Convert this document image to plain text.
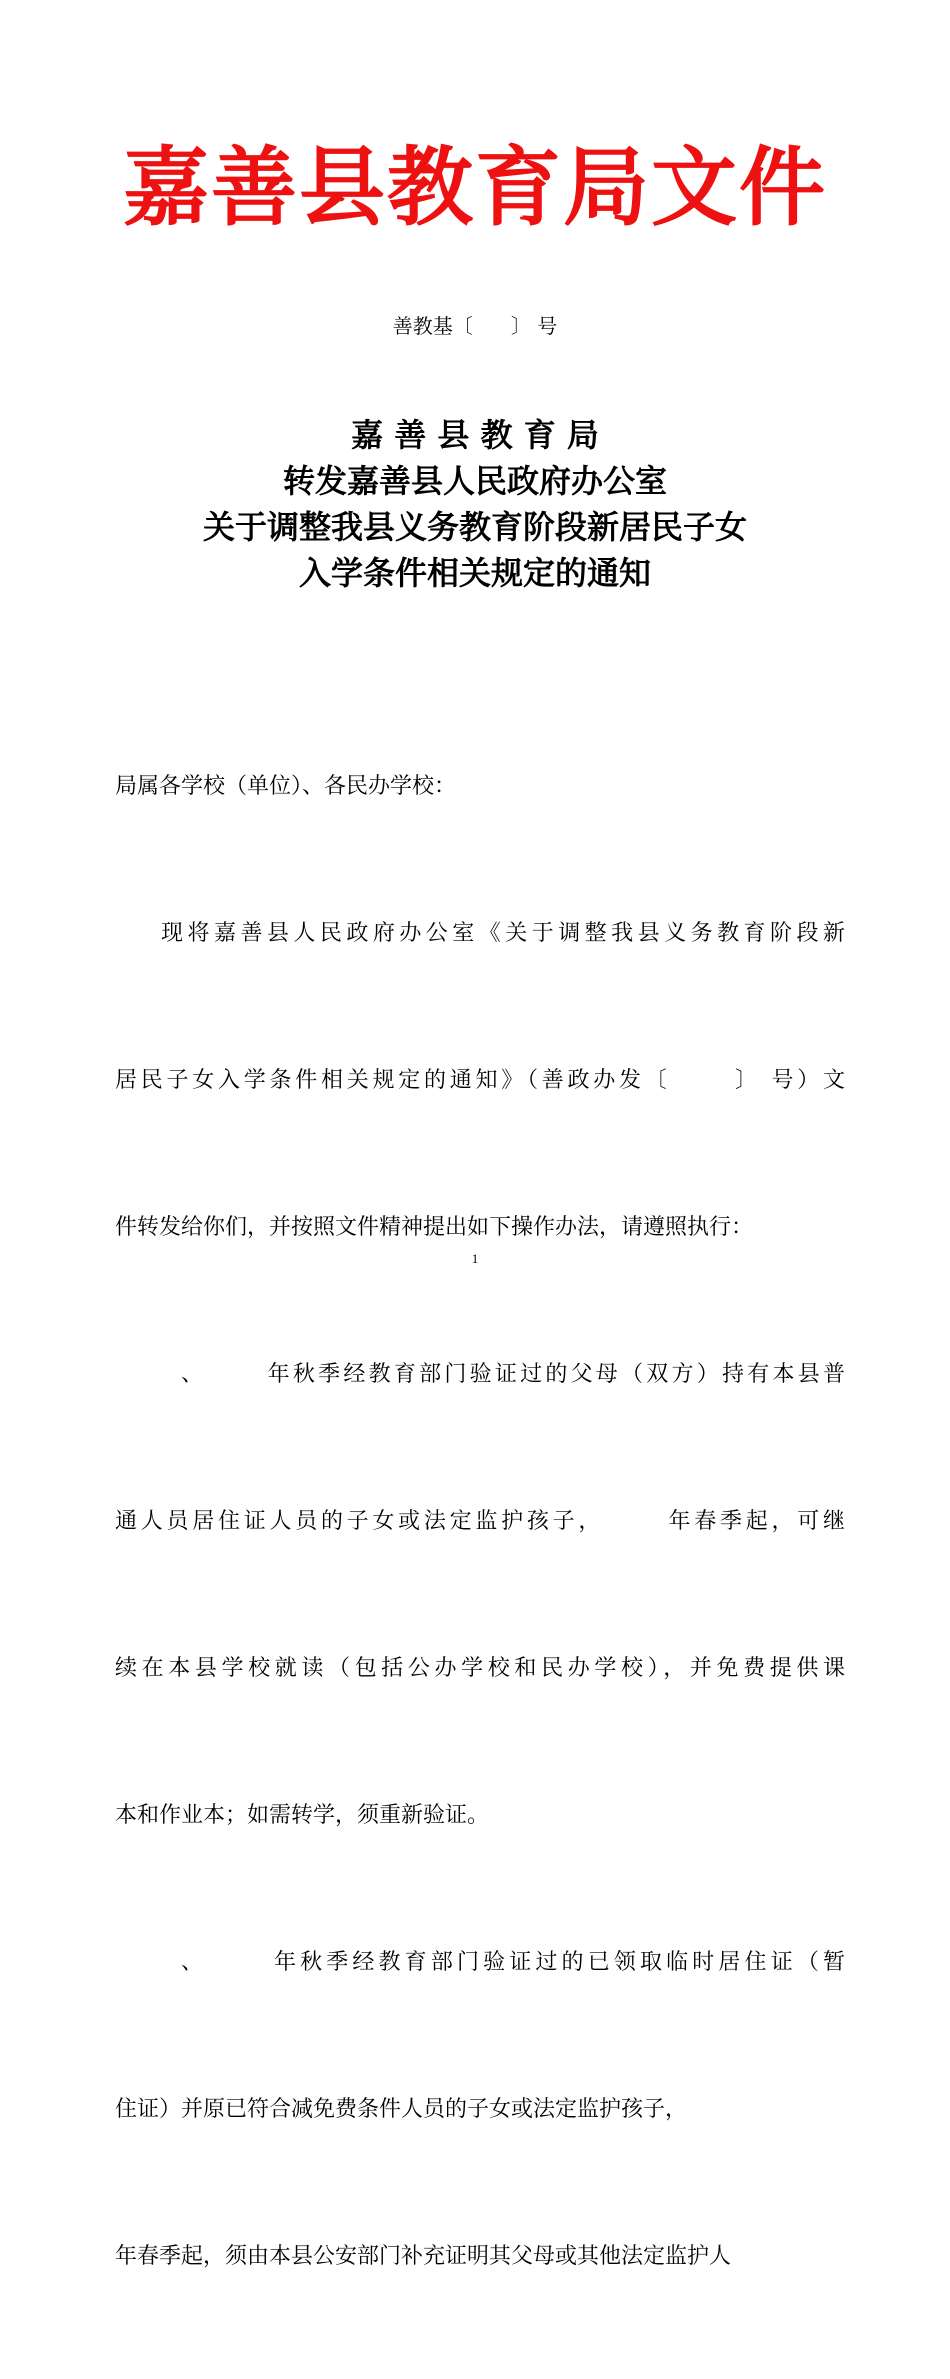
嘉善县教育局文件
善教基〔      〕 号
嘉 善 县 教 育 局
转发嘉善县人民政府办公室
关于调整我县义务教育阶段新居民子女
入学条件相关规定的通知

局属各学校（单位）、各民办学校：

现将嘉善县人民政府办公室《关于调整我县义务教育阶段新

居民子女入学条件相关规定的通知》（善政办发〔      〕 号）文

件转发给你们，并按照文件精神提出如下操作办法，请遵照执行：

、      年秋季经教育部门验证过的父母（双方）持有本县普

通人员居住证人员的子女或法定监护孩子，      年春季起，可继

续在本县学校就读（包括公办学校和民办学校），并免费提供课

本和作业本；如需转学，须重新验证。

、      年秋季经教育部门验证过的已领取临时居住证（暂

住证）并原已符合减免费条件人员的子女或法定监护孩子，

年春季起，须由本县公安部门补充证明其父母或其他法定监护人

1
